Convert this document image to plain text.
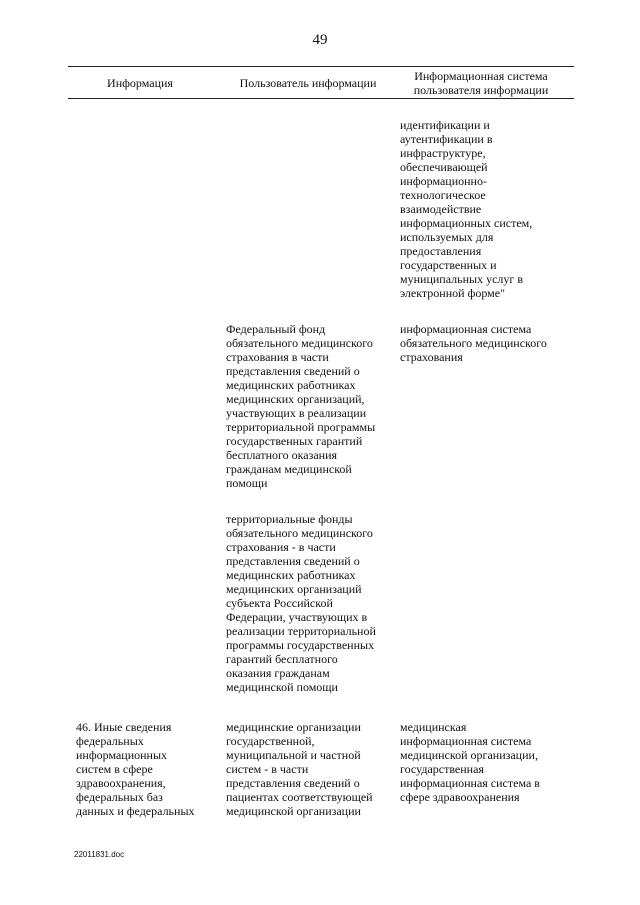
49
Информация	Пользователь информации	Информационная система
пользователя информации
идентификации и
аутентификации в
инфраструктуре,
обеспечивающей
информационно-
технологическое
взаимодействие
информационных систем,
используемых для
предоставления
государственных и
муниципальных услуг в
электронной форме"
Федеральный фонд
обязательного медицинского
страхования в части
представления сведений о
медицинских работниках
медицинских организаций,
участвующих в реализации
территориальной программы
государственных гарантий
бесплатного оказания
гражданам медицинской
помощи
информационная система
обязательного медицинского
страхования
территориальные фонды
обязательного медицинского
страхования - в части
представления сведений о
медицинских работниках
медицинских организаций
субъекта Российской
Федерации, участвующих в
реализации территориальной
программы государственных
гарантий бесплатного
оказания гражданам
медицинской помощи
46. Иные сведения
федеральных
информационных
систем в сфере
здравоохранения,
федеральных баз
данных и федеральных
медицинские организации
государственной,
муниципальной и частной
систем - в части
представления сведений о
пациентах соответствующей
медицинской организации
медицинская
информационная система
медицинской организации,
государственная
информационная система в
сфере здравоохранения
22011831.doc
